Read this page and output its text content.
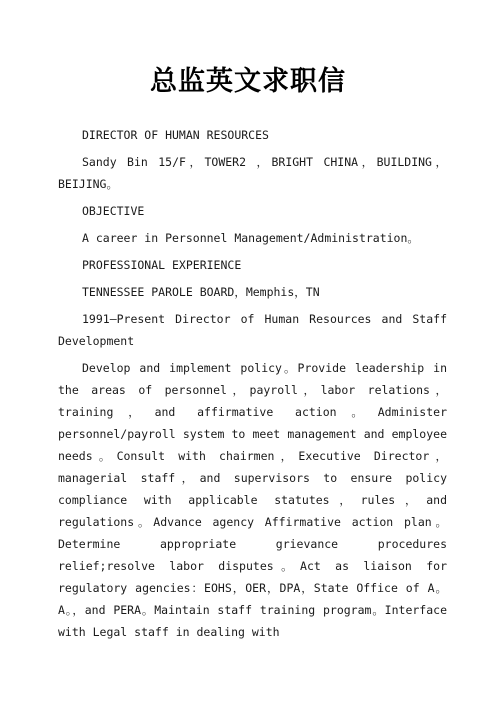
总监英文求职信

DIRECTOR OF HUMAN RESOURCES

Sandy Bin 15/F，TOWER2 ，BRIGHT CHINA，BUILDING，BEIJING。

OBJECTIVE

A career in Personnel Management/Administration。

PROFESSIONAL EXPERIENCE

TENNESSEE PAROLE BOARD，Memphis，TN

1991—Present Director of Human Resources and Staff Development

Develop and implement policy。Provide leadership in the areas of personnel，payroll，labor relations，training，and affirmative action。Administer personnel/payroll system to meet management and employee needs。Consult with chairmen，Executive Director，managerial staff，and supervisors to ensure policy compliance with applicable statutes，rules，and regulations。Advance agency Affirmative action plan。Determine appropriate grievance procedures relief;resolve labor disputes。Act as liaison for regulatory agencies：EOHS，OER，DPA，State Office of A。A。，and PERA。Maintain staff training program。Interface with Legal staff in dealing with
